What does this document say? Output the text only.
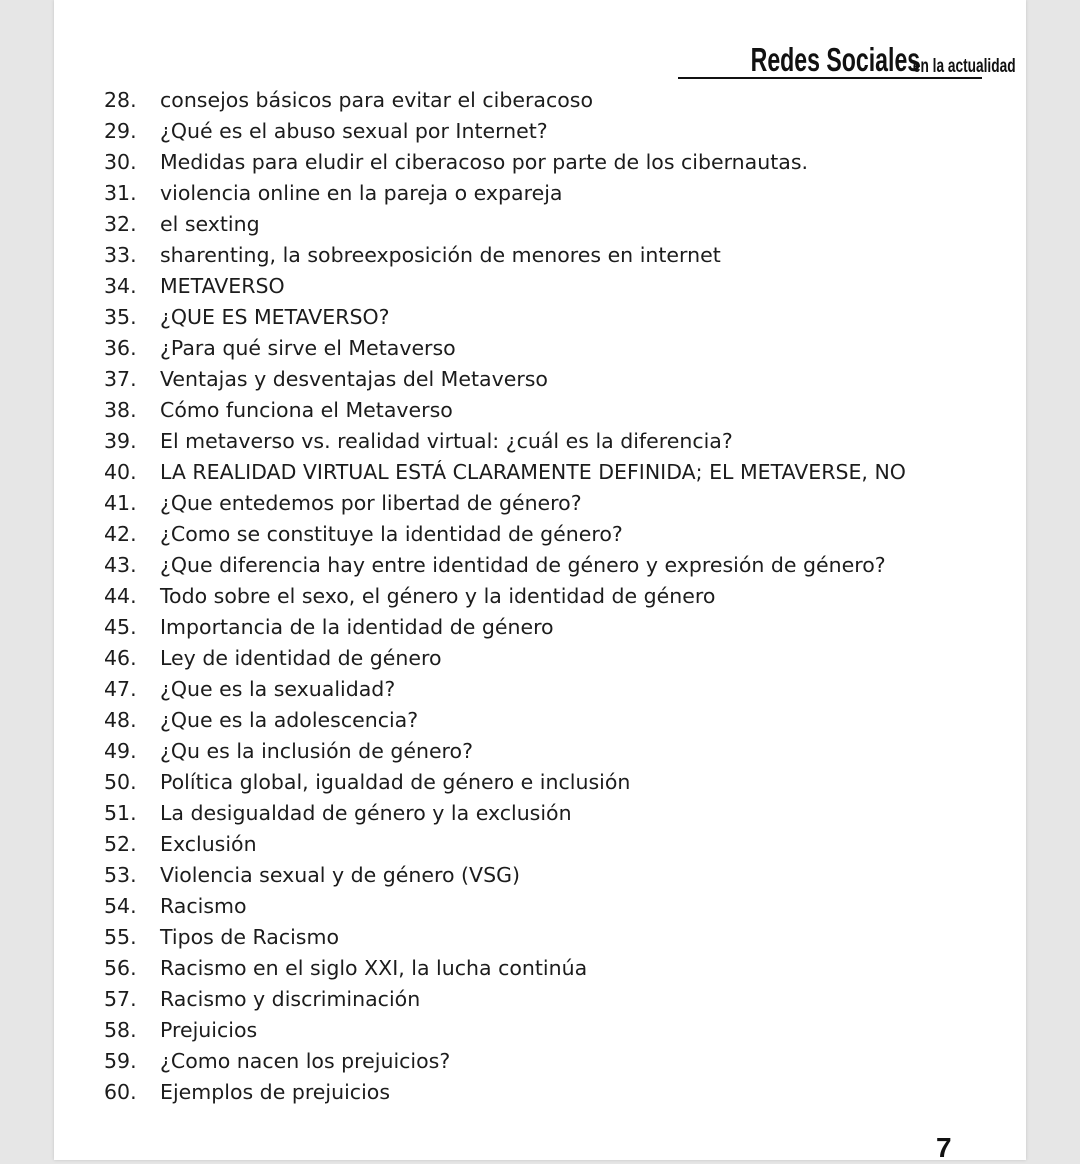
Redes Sociales
en la actualidad
28.	consejos básicos para evitar el ciberacoso
29.	¿Qué es el abuso sexual por Internet?
30.	Medidas para eludir el ciberacoso por parte de los cibernautas.
31.	violencia online en la pareja o expareja
32.	el sexting
33.	sharenting, la sobreexposición de menores en internet
34.	METAVERSO
35.	¿QUE ES METAVERSO?
36.	¿Para qué sirve el Metaverso
37.	Ventajas y desventajas del Metaverso
38.	Cómo funciona el Metaverso
39.	El metaverso vs. realidad virtual: ¿cuál es la diferencia?
40.	LA REALIDAD VIRTUAL ESTÁ CLARAMENTE DEFINIDA; EL METAVERSE, NO
41.	¿Que entedemos por libertad de género?
42.	¿Como se constituye la identidad de género?
43.	¿Que diferencia hay entre identidad de género y expresión de género?
44.	Todo sobre el sexo, el género y la identidad de género
45.	Importancia de la identidad de género
46.	Ley de identidad de género
47.	¿Que es la sexualidad?
48.	¿Que es la adolescencia?
49.	¿Qu es la inclusión de género?
50.	Política global, igualdad de género e inclusión
51.	La desigualdad de género y la exclusión
52.	Exclusión
53.	Violencia sexual y de género (VSG)
54.	Racismo
55.	Tipos de Racismo
56.	Racismo en el siglo XXI, la lucha continúa
57.	Racismo y discriminación
58.	Prejuicios
59.	¿Como nacen los prejuicios?
60.	Ejemplos de prejuicios
7
